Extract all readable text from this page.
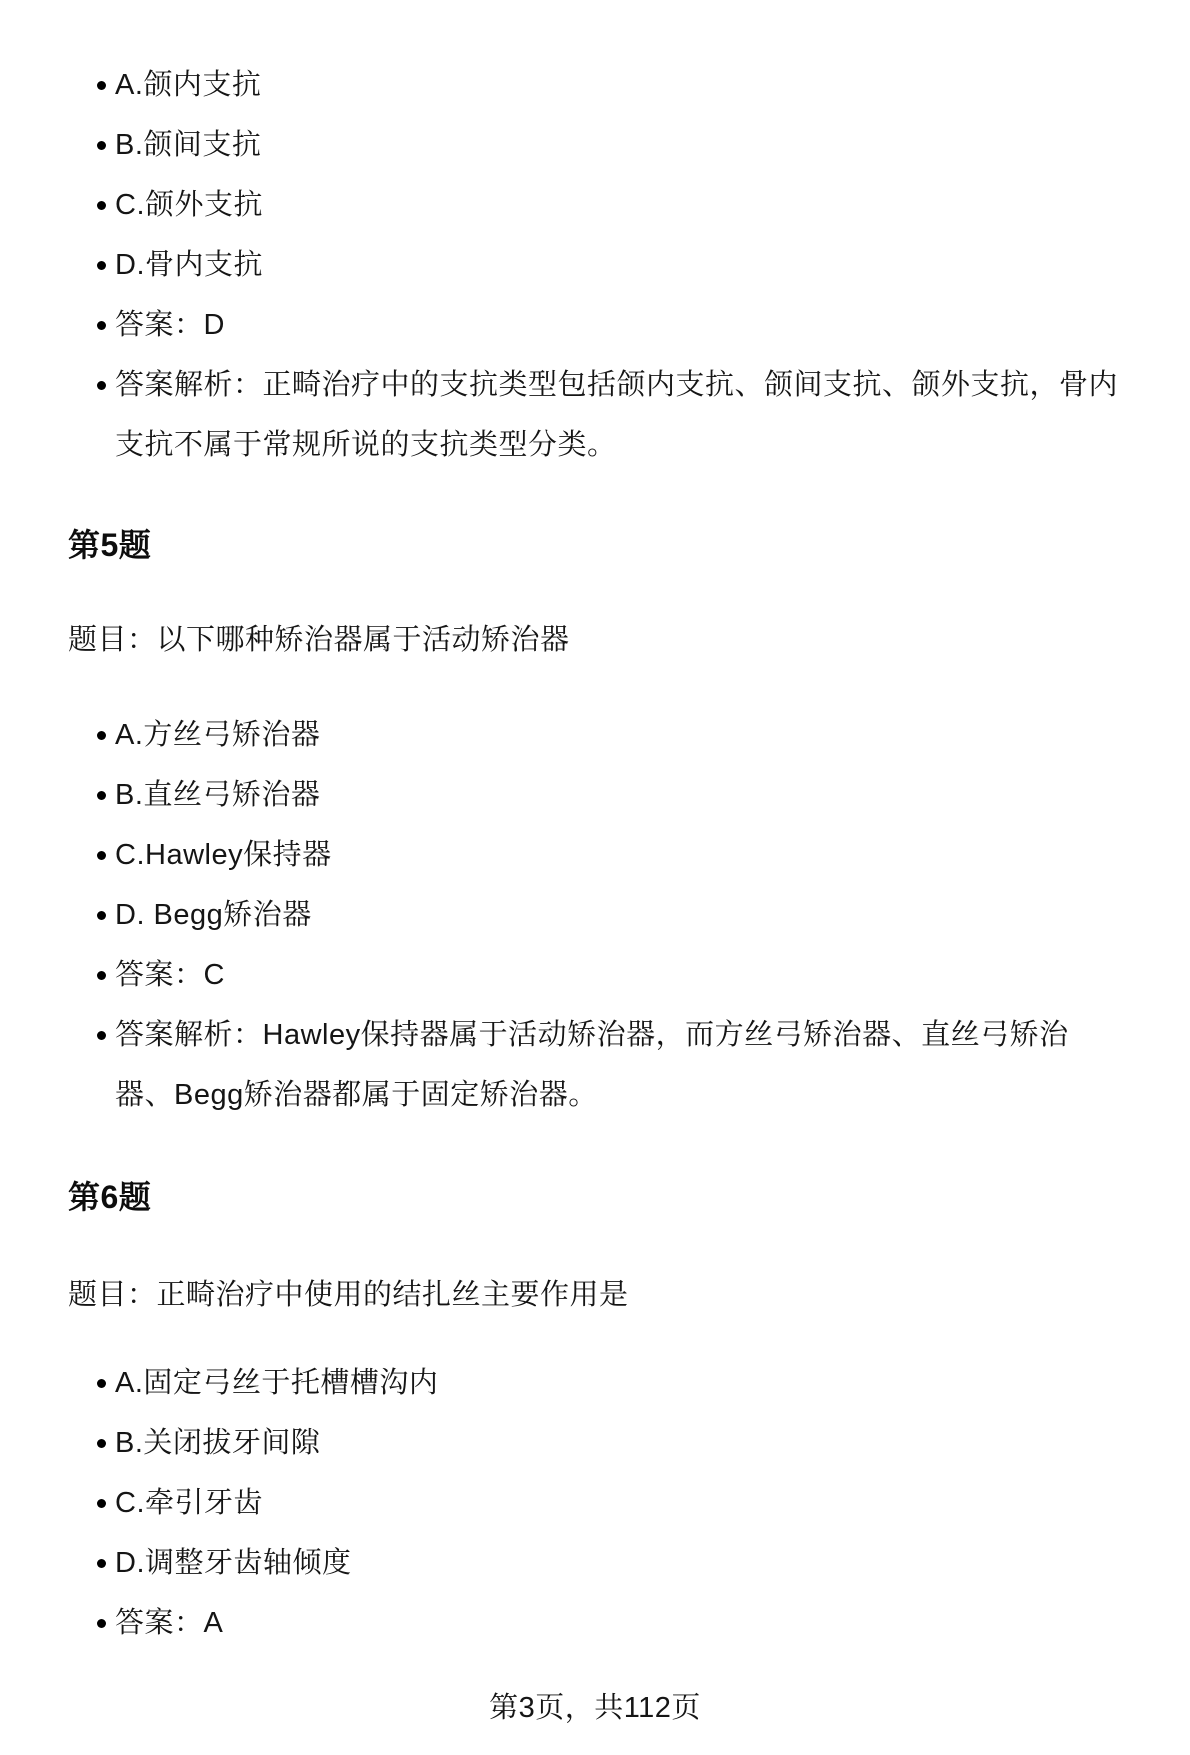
A.颌内支抗
B.颌间支抗
C.颌外支抗
D.骨内支抗
答案：D
答案解析：正畸治疗中的支抗类型包括颌内支抗、颌间支抗、颌外支抗，骨内支抗不属于常规所说的支抗类型分类。
第5题

题目：以下哪种矫治器属于活动矫治器

A.方丝弓矫治器
B.直丝弓矫治器
C.Hawley保持器
D. Begg矫治器
答案：C
答案解析：Hawley保持器属于活动矫治器，而方丝弓矫治器、直丝弓矫治器、Begg矫治器都属于固定矫治器。
第6题

题目：正畸治疗中使用的结扎丝主要作用是

A.固定弓丝于托槽槽沟内
B.关闭拔牙间隙
C.牵引牙齿
D.调整牙齿轴倾度
答案：A
第3页，共112页
